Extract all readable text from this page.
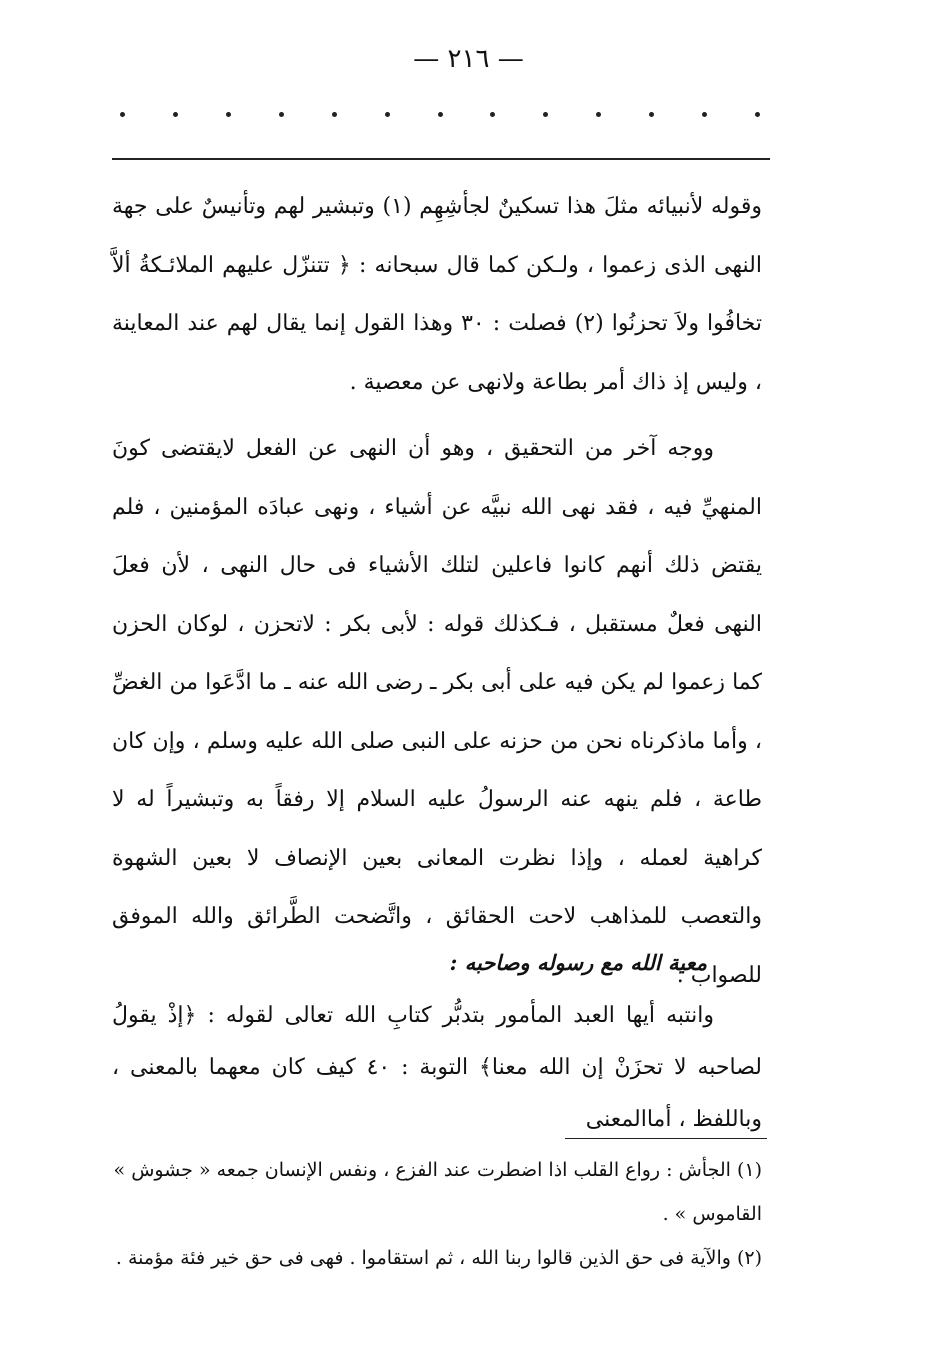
— ٢١٦ —

وقوله لأنبيائه مثلَ هذا تسكينٌ لجأشِهِم (١) وتبشير لهم وتأنيسٌ على جهة النهى الذى زعموا ، ولـكن كما قال سبحانه : ﴿ تتنزّل عليهم الملائـكةُ ألاَّ تخافُوا ولاَ تحزنُوا (٢) فصلت : ٣٠ وهذا القول إنما يقال لهم عند المعاينة ، وليس إذ ذاك أمر بطاعة ولانهى عن معصية .

ووجه آخر من التحقيق ، وهو أن النهى عن الفعل لايقتضى كونَ المنهيِّ فيه ، فقد نهى الله نبيَّه عن أشياء ، ونهى عبادَه المؤمنين ، فلم يقتض ذلك أنهم كانوا فاعلين لتلك الأشياء فى حال النهى ، لأن فعلَ النهى فعلٌ مستقبل ، فـكذلك قوله : لأبى بكر : لاتحزن ، لوكان الحزن كما زعموا لم يكن فيه على أبى بكر ـ رضى الله عنه ـ ما ادَّعَوا من الغضِّ ، وأما ماذكرناه نحن من حزنه على النبى صلى الله عليه وسلم ، وإن كان طاعة ، فلم ينهه عنه الرسولُ عليه السلام إلا رفقاً به وتبشيراً له لا كراهية لعمله ، وإذا نظرت المعانى بعين الإنصاف لا بعين الشهوة والتعصب للمذاهب لاحت الحقائق ، واتَّضحت الطَّرائق والله الموفق للصواب .

معية الله مع رسوله وصاحبه :

وانتبه أيها العبد المأمور بتدبُّر كتابِ الله تعالى لقوله : ﴿إذْ يقولُ لصاحبه لا تحزَنْ إن الله معنا﴾ التوبة : ٤٠ كيف كان معهما بالمعنى ، وباللفظ ، أماالمعنى

(١) الجأش : رواع القلب اذا اضطرت عند الفزع ، ونفس الإنسان جمعه « جشوش » القاموس » .

(٢) والآية فى حق الذين قالوا ربنا الله ، ثم استقاموا . فهى فى حق خير فئة مؤمنة .
